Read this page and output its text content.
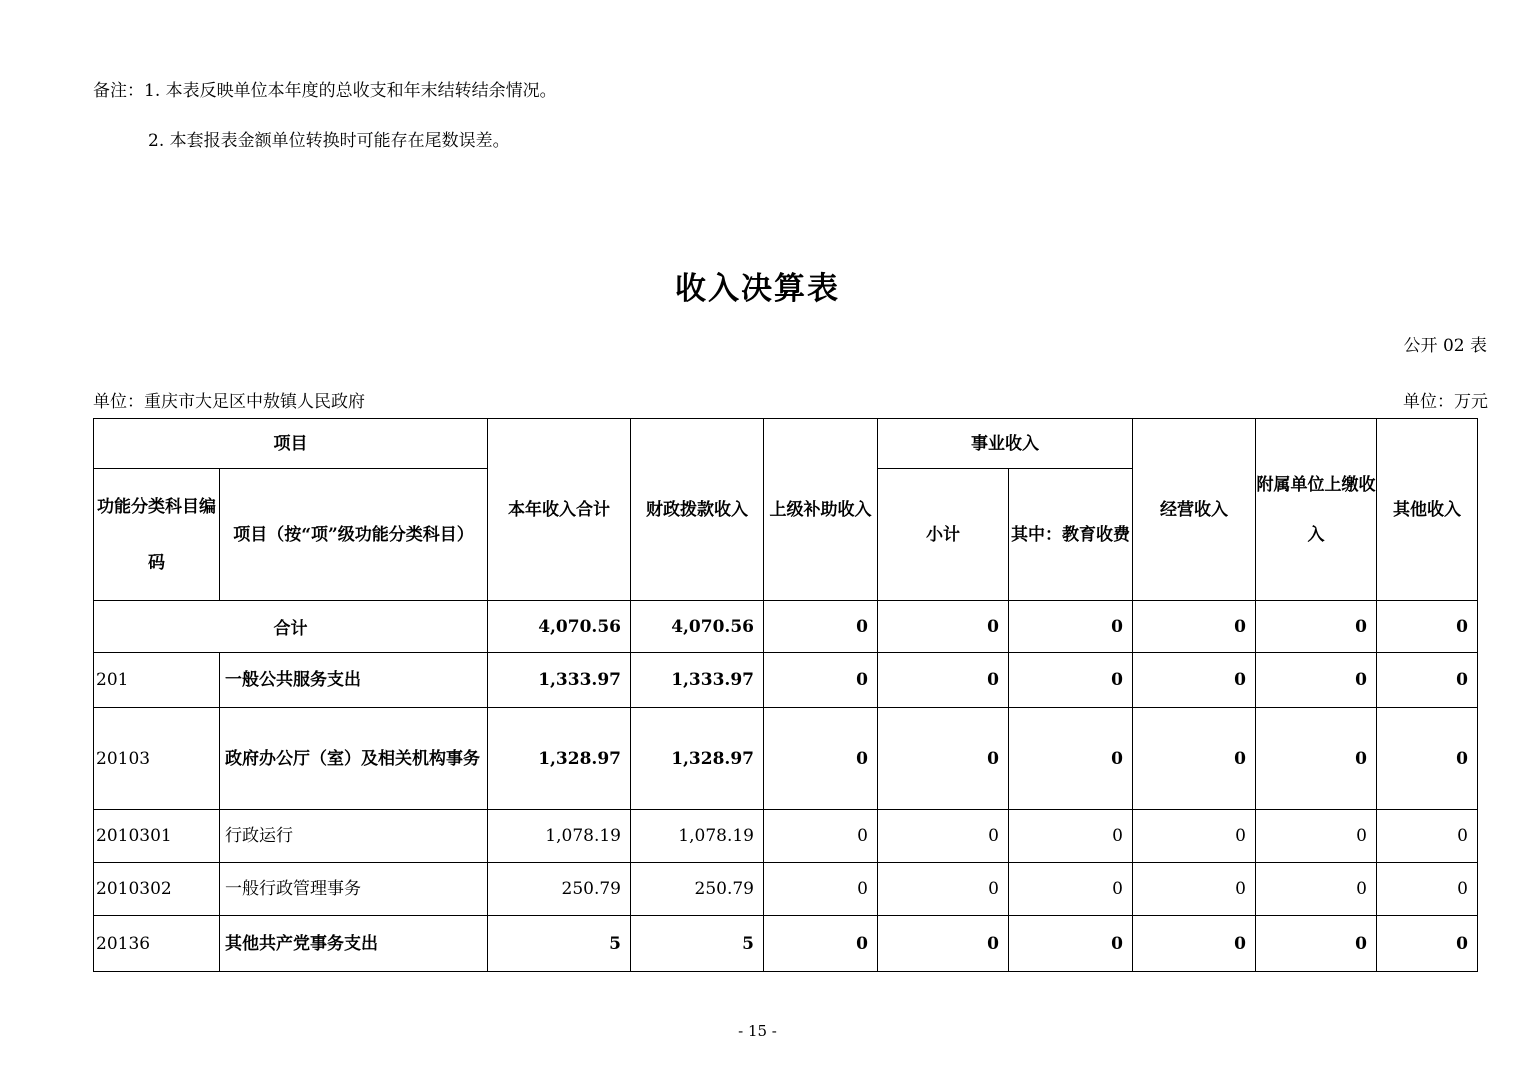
备注：1. 本表反映单位本年度的总收支和年末结转结余情况。
2. 本套报表金额单位转换时可能存在尾数误差。
收入决算表
公开 02 表
单位：重庆市大足区中敖镇人民政府	单位：万元
项目		本年收入合计	财政拨款收入	上级补助收入	事业收入		经营收入	附属单位上缴收入	其他收入
功能分类科目编码	项目（按“项”级功能分类科目）				小计	其中：教育收费			
合计		4,070.56	4,070.56	0	0	0	0	0	0
201	一般公共服务支出	1,333.97	1,333.97	0	0	0	0	0	0
20103	政府办公厅（室）及相关机构事务	1,328.97	1,328.97	0	0	0	0	0	0
2010301	行政运行	1,078.19	1,078.19	0	0	0	0	0	0
2010302	一般行政管理事务	250.79	250.79	0	0	0	0	0	0
20136	其他共产党事务支出	5	5	0	0	0	0	0	0
- 15 -
